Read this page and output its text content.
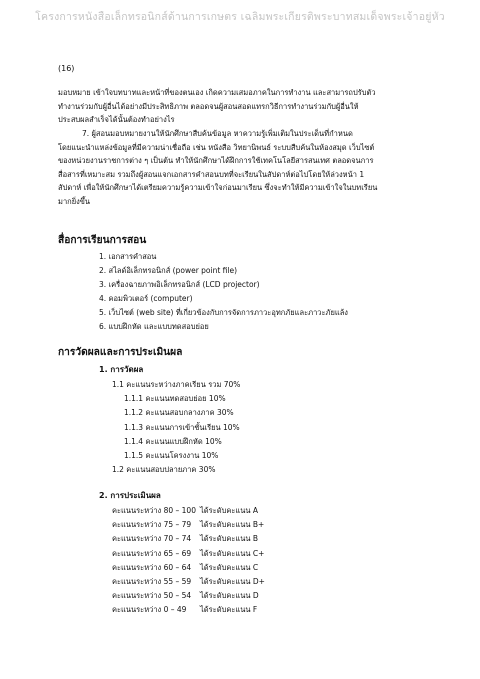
โครงการหนังสือเล็กทรอนิกส์ด้านการเกษตร เฉลิมพระเกียรติพระบาทสมเด็จพระเจ้าอยู่หัว
(16)

มอบหมาย เข้าใจบทบาทและหน้าที่ของตนเอง เกิดความเสมอภาคในการทำงาน และสามารถปรับตัว
ทำงานร่วมกับผู้อื่นได้อย่างมีประสิทธิภาพ ตลอดจนผู้สอนสอดแทรกวิธีการทำงานร่วมกับผู้อื่นให้
ประสบผลสำเร็จได้นั้นต้องทำอย่างไร

7. ผู้สอนมอบหมายงานให้นักศึกษาสืบค้นข้อมูล หาความรู้เพิ่มเติมในประเด็นที่กำหนด
โดยแนะนำแหล่งข้อมูลที่มีความน่าเชื่อถือ เช่น หนังสือ วิทยานิพนธ์ ระบบสืบค้นในห้องสมุด เว็บไซต์
ของหน่วยงานราชการต่าง ๆ เป็นต้น ทำให้นักศึกษาได้ฝึกการใช้เทคโนโลยีสารสนเทศ ตลอดจนการ
สื่อสารที่เหมาะสม รวมถึงผู้สอนแจกเอกสารคำสอนบทที่จะเรียนในสัปดาห์ต่อไปโดยให้ล่วงหน้า 1
สัปดาห์ เพื่อให้นักศึกษาได้เตรียมความรู้ความเข้าใจก่อนมาเรียน ซึ่งจะทำให้มีความเข้าใจในบทเรียน
มากยิ่งขึ้น

สื่อการเรียนการสอน
1. เอกสารคำสอน
2. สไลด์อิเล็กทรอนิกส์ (power point file)
3. เครื่องฉายภาพอิเล็กทรอนิกส์ (LCD projector)
4. คอมพิวเตอร์ (computer)
5. เว็บไซต์ (web site) ที่เกี่ยวข้องกับการจัดการภาวะอุทกภัยและภาวะภัยแล้ง
6. แบบฝึกหัด และแบบทดสอบย่อย
การวัดผลและการประเมินผล
1. การวัดผล
1.1 คะแนนระหว่างภาคเรียน รวม 70%
1.1.1 คะแนนทดสอบย่อย 10%
1.1.2 คะแนนสอบกลางภาค 30%
1.1.3 คะแนนการเข้าชั้นเรียน 10%
1.1.4 คะแนนแบบฝึกหัด 10%
1.1.5 คะแนนโครงงาน 10%
1.2 คะแนนสอบปลายภาค 30%
2. การประเมินผล
คะแนนระหว่าง 80 – 100 ได้ระดับคะแนน A
คะแนนระหว่าง 75 – 79 ได้ระดับคะแนน B+
คะแนนระหว่าง 70 – 74 ได้ระดับคะแนน B
คะแนนระหว่าง 65 – 69 ได้ระดับคะแนน C+
คะแนนระหว่าง 60 – 64 ได้ระดับคะแนน C
คะแนนระหว่าง 55 – 59 ได้ระดับคะแนน D+
คะแนนระหว่าง 50 – 54 ได้ระดับคะแนน D
คะแนนระหว่าง 0 – 49 ได้ระดับคะแนน F
